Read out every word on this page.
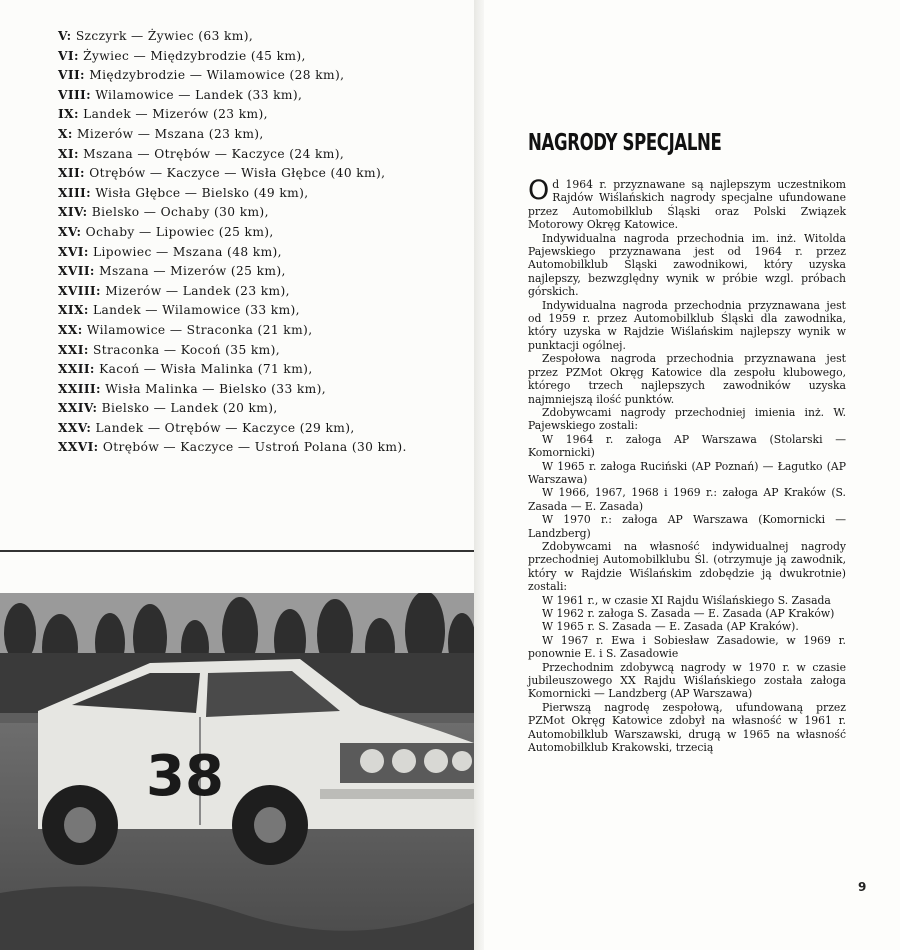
V: Szczyrk — Żywiec (63 km),
VI: Żywiec — Międzybrodzie (45 km),
VII: Międzybrodzie — Wilamowice (28 km),
VIII: Wilamowice — Landek (33 km),
IX: Landek — Mizerów (23 km),
X: Mizerów — Mszana (23 km),
XI: Mszana — Otrębów — Kaczyce (24 km),
XII: Otrębów — Kaczyce — Wisła Głębce (40 km),
XIII: Wisła Głębce — Bielsko (49 km),
XIV: Bielsko — Ochaby (30 km),
XV: Ochaby — Lipowiec (25 km),
XVI: Lipowiec — Mszana (48 km),
XVII: Mszana — Mizerów (25 km),
XVIII: Mizerów — Landek (23 km),
XIX: Landek — Wilamowice (33 km),
XX: Wilamowice — Straconka (21 km),
XXI: Straconka — Kocoń (35 km),
XXII: Kacoń — Wisła Malinka (71 km),
XXIII: Wisła Malinka — Bielsko (33 km),
XXIV: Bielsko — Landek (20 km),
XXV: Landek — Otrębów — Kaczyce (29 km),
XXVI: Otrębów — Kaczyce — Ustroń Polana (30 km).
38
NAGRODY SPECJALNE

Od 1964 r. przyznawane są najlepszym uczestnikom Rajdów Wiślańskich nagrody specjalne ufundowane przez Automobilklub Śląski oraz Polski Związek Motorowy Okręg Katowice.

Indywidualna nagroda przechodnia im. inż. Witolda Pajewskiego przyznawana jest od 1964 r. przez Automobilklub Śląski zawodnikowi, który uzyska najlepszy, bezwzględny wynik w próbie wzgl. próbach górskich.

Indywidualna nagroda przechodnia przyznawana jest od 1959 r. przez Automobilklub Śląski dla zawodnika, który uzyska w Rajdzie Wiślańskim najlepszy wynik w punktacji ogólnej.

Zespołowa nagroda przechodnia przyznawana jest przez PZMot Okręg Katowice dla zespołu klubowego, którego trzech najlepszych zawodników uzyska najmniejszą ilość punktów.

Zdobywcami nagrody przechodniej imienia inż. W. Pajewskiego zostali:

W 1964 r. załoga AP Warszawa (Stolarski — Komornicki)

W 1965 r. załoga Ruciński (AP Poznań) — Łagutko (AP Warszawa)

W 1966, 1967, 1968 i 1969 r.: załoga AP Kraków (S. Zasada — E. Zasada)

W 1970 r.: załoga AP Warszawa (Komornicki — Landzberg)

Zdobywcami na własność indywidualnej nagrody przechodniej Automobilklubu Śl. (otrzymuje ją zawodnik, który w Rajdzie Wiślańskim zdobędzie ją dwukrotnie) zostali:

W 1961 r., w czasie XI Rajdu Wiślańskiego S. Zasada

W 1962 r. załoga S. Zasada — E. Zasada (AP Kraków)

W 1965 r. S. Zasada — E. Zasada (AP Kraków).

W 1967 r. Ewa i Sobiesław Zasadowie, w 1969 r. ponownie E. i S. Zasadowie

Przechodnim zdobywcą nagrody w 1970 r. w czasie jubileuszowego XX Rajdu Wiślańskiego została załoga Komornicki — Landzberg (AP Warszawa)

Pierwszą nagrodę zespołową, ufundowaną przez PZMot Okręg Katowice zdobył na własność w 1961 r. Automobilklub Warszawski, drugą w 1965 na własność Automobilklub Krakowski, trzecią

9
